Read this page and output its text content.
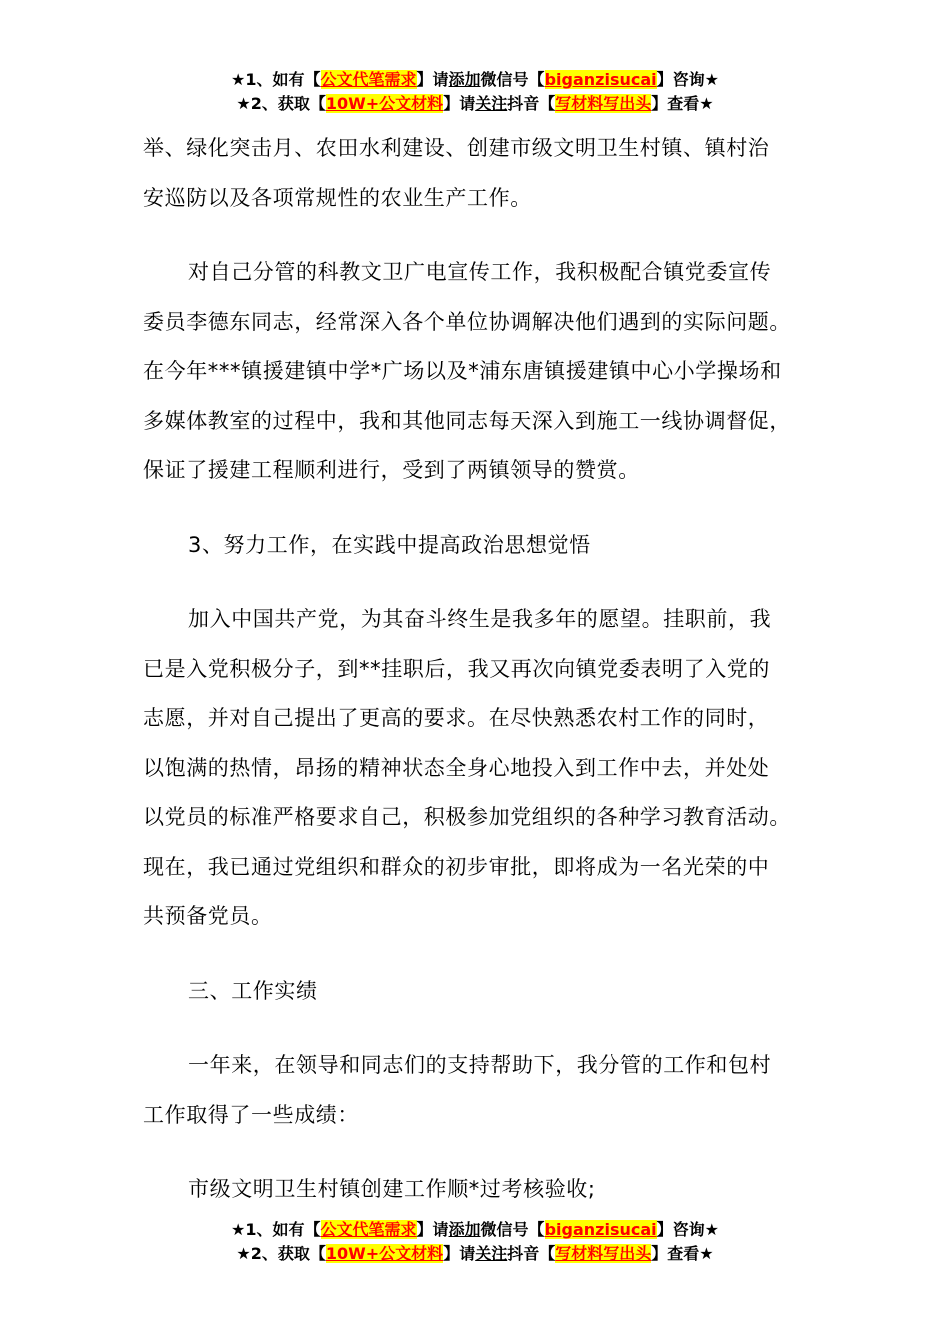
★1、如有【公文代笔需求】请添加微信号【biganzisucai】咨询★
★2、获取【10W+公文材料】请关注抖音【写材料写出头】查看★

举、绿化突击月、农田水利建设、创建市级文明卫生村镇、镇村治
安巡防以及各项常规性的农业生产工作。

对自己分管的科教文卫广电宣传工作，我积极配合镇党委宣传
委员李德东同志，经常深入各个单位协调解决他们遇到的实际问题。
在今年***镇援建镇中学*广场以及*浦东唐镇援建镇中心小学操场和
多媒体教室的过程中，我和其他同志每天深入到施工一线协调督促，
保证了援建工程顺利进行，受到了两镇领导的赞赏。

3、努力工作，在实践中提高政治思想觉悟

加入中国共产党，为其奋斗终生是我多年的愿望。挂职前，我
已是入党积极分子，到**挂职后，我又再次向镇党委表明了入党的
志愿，并对自己提出了更高的要求。在尽快熟悉农村工作的同时，
以饱满的热情，昂扬的精神状态全身心地投入到工作中去，并处处
以党员的标准严格要求自己，积极参加党组织的各种学习教育活动。
现在，我已通过党组织和群众的初步审批，即将成为一名光荣的中
共预备党员。

三、工作实绩

一年来，在领导和同志们的支持帮助下，我分管的工作和包村
工作取得了一些成绩：

市级文明卫生村镇创建工作顺*过考核验收;

★1、如有【公文代笔需求】请添加微信号【biganzisucai】咨询★
★2、获取【10W+公文材料】请关注抖音【写材料写出头】查看★
